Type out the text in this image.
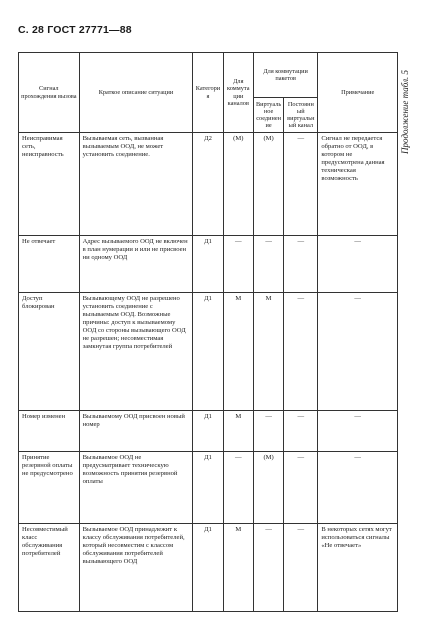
С. 28 ГОСТ 27771—88
Продолжение табл. 5
Сигнал прохождения вызова	Краткое описание ситуации	Категория	Для коммутации каналов	Для коммутации пакетов		Примечание
				Виртуальное соединение	Постоянный виртуальный канал	
Неисправимая сеть, неисправность	Вызываемая сеть, вызванная вызываемым ООД, не может установить соединение.	Д2	(М)	(М)	—	Сигнал не передается обратно от ООД, в котором не предусмотрена данная техническая возможность
Не отвечает	Адрес вызываемого ООД не включен в план нумерации и или не присвоен ни одному ООД	Д1	—	—	—	—
Доступ блокирован	Вызывающему ООД не разрешено установить соединение с вызываемым ООД. Возможные причины: доступ к вызываемому ООД со стороны вызывающего ООД не разрешен; несовместимая замкнутая группа потребителей	Д1	М	М	—	—
Номер изменен	Вызываемому ООД присвоен новый номер	Д1	М	—	—	—
Принятие резервной оплаты не предусмотрено	Вызываемое ООД не предусматривает техническую возможность принятия резервной оплаты	Д1	—	(М)	—	—
Несовместимый класс обслуживания потребителей	Вызываемое ООД принадлежит к классу обслуживания потребителей, который несовместим с классом обслуживания потребителей вызывающего ООД	Д1	М	—	—	В некоторых сетях могут использоваться сигналы «Не отвечает»
